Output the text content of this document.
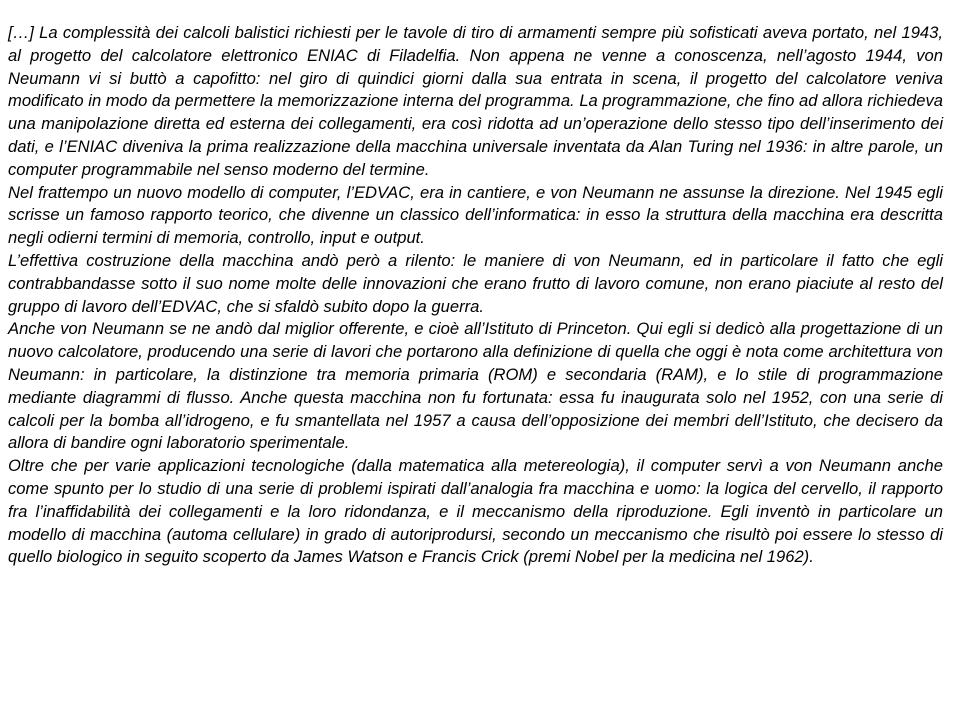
[…] La complessità dei calcoli balistici richiesti per le tavole di tiro di armamenti sempre più sofisticati aveva portato, nel 1943, al progetto del calcolatore elettronico ENIAC di Filadelfia. Non appena ne venne a conoscenza, nell’agosto 1944, von Neumann vi si buttò a capofitto: nel giro di quindici giorni dalla sua entrata in scena, il progetto del calcolatore veniva modificato in modo da permettere la memorizzazione interna del programma. La programmazione, che fino ad allora richiedeva una manipolazione diretta ed esterna dei collegamenti, era così ridotta ad un’operazione dello stesso tipo dell’inserimento dei dati, e l’ENIAC diveniva la prima realizzazione della macchina universale inventata da Alan Turing nel 1936: in altre parole, un computer programmabile nel senso moderno del termine.

Nel frattempo un nuovo modello di computer, l’EDVAC, era in cantiere, e von Neumann ne assunse la direzione. Nel 1945 egli scrisse un famoso rapporto teorico, che divenne un classico dell’informatica: in esso la struttura della macchina era descritta negli odierni termini di memoria, controllo, input e output.

L’effettiva costruzione della macchina andò però a rilento: le maniere di von Neumann, ed in particolare il fatto che egli contrabbandasse sotto il suo nome molte delle innovazioni che erano frutto di lavoro comune, non erano piaciute al resto del gruppo di lavoro dell’EDVAC, che si sfaldò subito dopo la guerra.

Anche von Neumann se ne andò dal miglior offerente, e cioè all’Istituto di Princeton. Qui egli si dedicò alla progettazione di un nuovo calcolatore, producendo una serie di lavori che portarono alla definizione di quella che oggi è nota come architettura von Neumann: in particolare, la distinzione tra memoria primaria (ROM) e secondaria (RAM), e lo stile di programmazione mediante diagrammi di flusso. Anche questa macchina non fu fortunata: essa fu inaugurata solo nel 1952, con una serie di calcoli per la bomba all’idrogeno, e fu smantellata nel 1957 a causa dell’opposizione dei membri dell’Istituto, che decisero da allora di bandire ogni laboratorio sperimentale.

Oltre che per varie applicazioni tecnologiche (dalla matematica alla metereologia), il computer servì a von Neumann anche come spunto per lo studio di una serie di problemi ispirati dall’analogia fra macchina e uomo: la logica del cervello, il rapporto fra l’inaffidabilità dei collegamenti e la loro ridondanza, e il meccanismo della riproduzione. Egli inventò in particolare un modello di macchina (automa cellulare) in grado di autoriprodursi, secondo un meccanismo che risultò poi essere lo stesso di quello biologico in seguito scoperto da James Watson e Francis Crick (premi Nobel per la medicina nel 1962).
